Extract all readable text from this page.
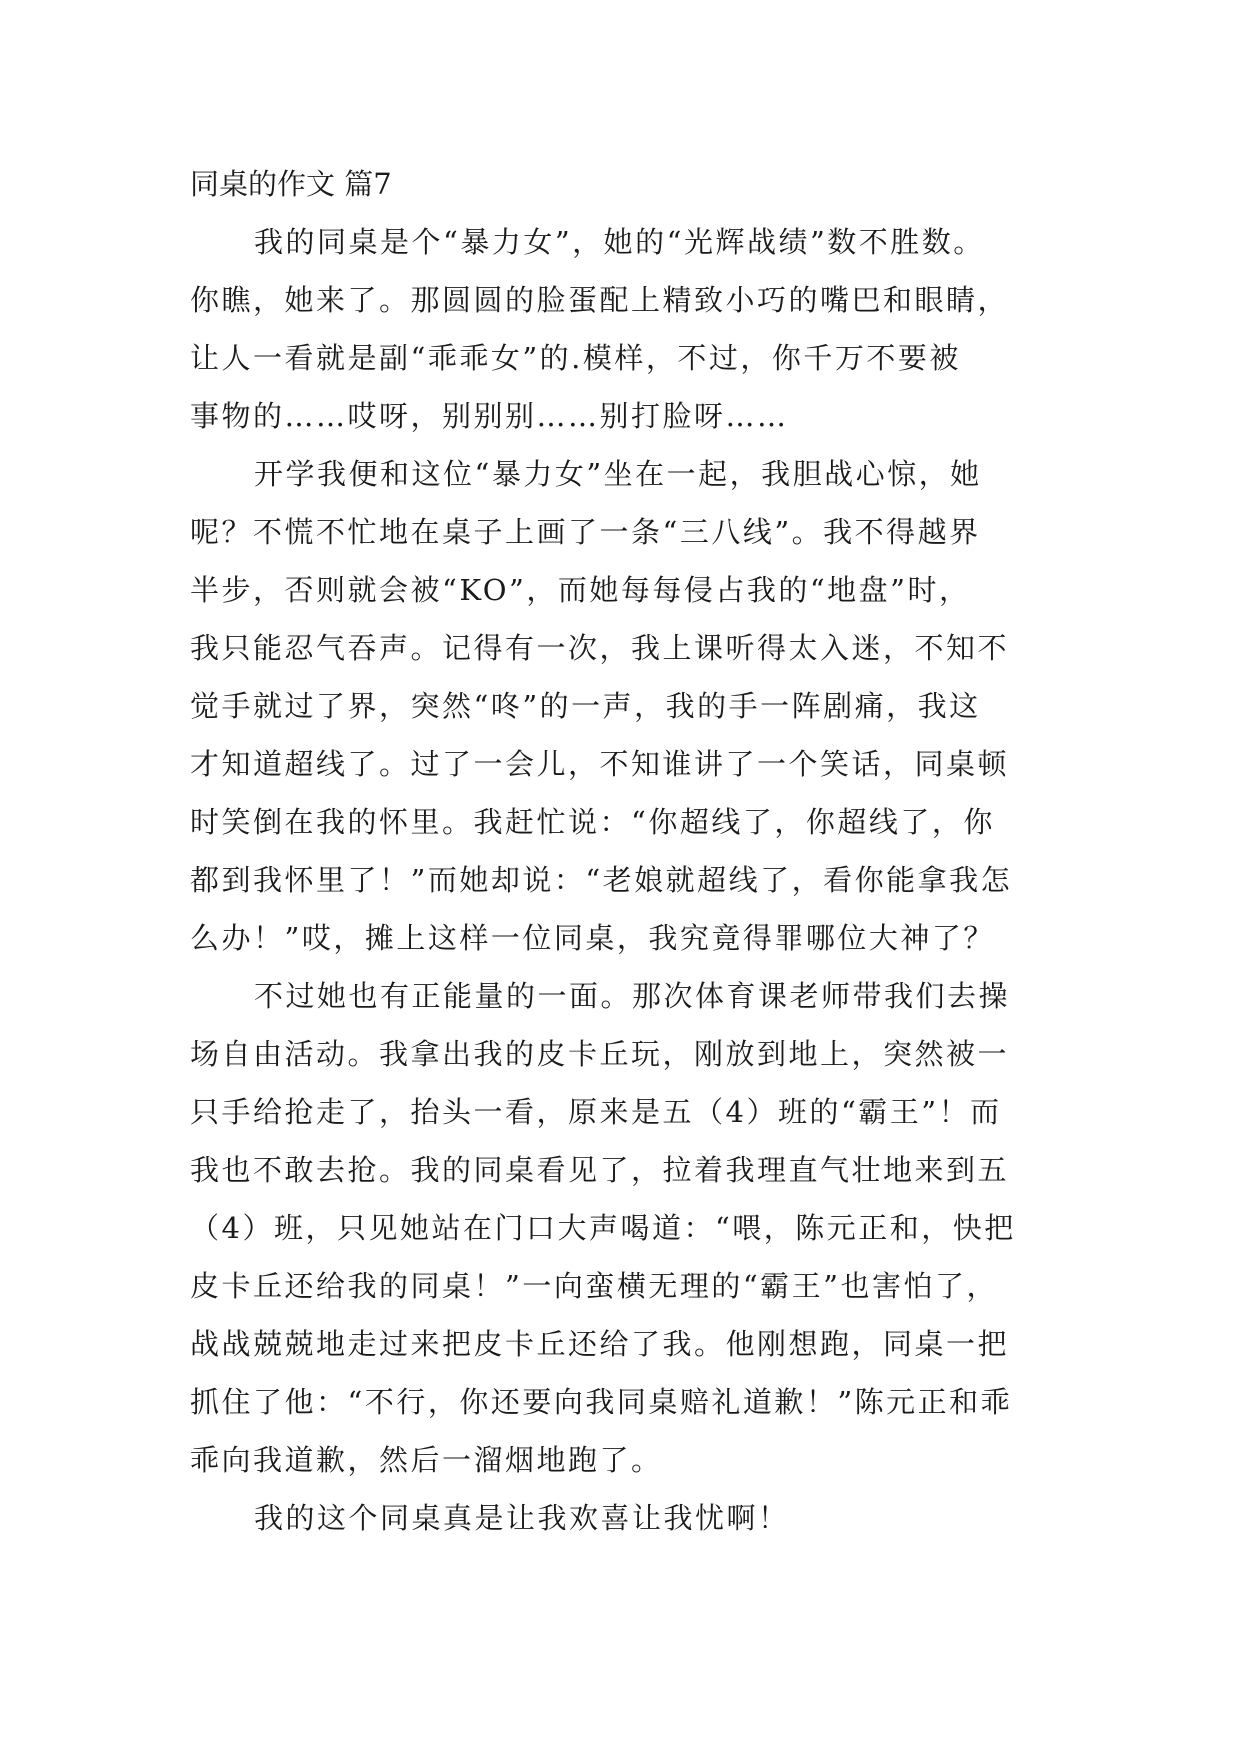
同桌的作文 篇7
我的同桌是个“暴力女”，她的“光辉战绩”数不胜数。
你瞧，她来了。那圆圆的脸蛋配上精致小巧的嘴巴和眼睛，
让人一看就是副“乖乖女”的.模样，不过，你千万不要被
事物的……哎呀，别别别……别打脸呀……
开学我便和这位“暴力女”坐在一起，我胆战心惊，她
呢？不慌不忙地在桌子上画了一条“三八线”。我不得越界
半步，否则就会被“KO”，而她每每侵占我的“地盘”时，
我只能忍气吞声。记得有一次，我上课听得太入迷，不知不
觉手就过了界，突然“咚”的一声，我的手一阵剧痛，我这
才知道超线了。过了一会儿，不知谁讲了一个笑话，同桌顿
时笑倒在我的怀里。我赶忙说：“你超线了，你超线了，你
都到我怀里了！”而她却说：“老娘就超线了，看你能拿我怎
么办！”哎，摊上这样一位同桌，我究竟得罪哪位大神了？
不过她也有正能量的一面。那次体育课老师带我们去操
场自由活动。我拿出我的皮卡丘玩，刚放到地上，突然被一
只手给抢走了，抬头一看，原来是五（4）班的“霸王”！而
我也不敢去抢。我的同桌看见了，拉着我理直气壮地来到五
（4）班，只见她站在门口大声喝道：“喂，陈元正和，快把
皮卡丘还给我的同桌！”一向蛮横无理的“霸王”也害怕了，
战战兢兢地走过来把皮卡丘还给了我。他刚想跑，同桌一把
抓住了他：“不行，你还要向我同桌赔礼道歉！”陈元正和乖
乖向我道歉，然后一溜烟地跑了。
我的这个同桌真是让我欢喜让我忧啊！
